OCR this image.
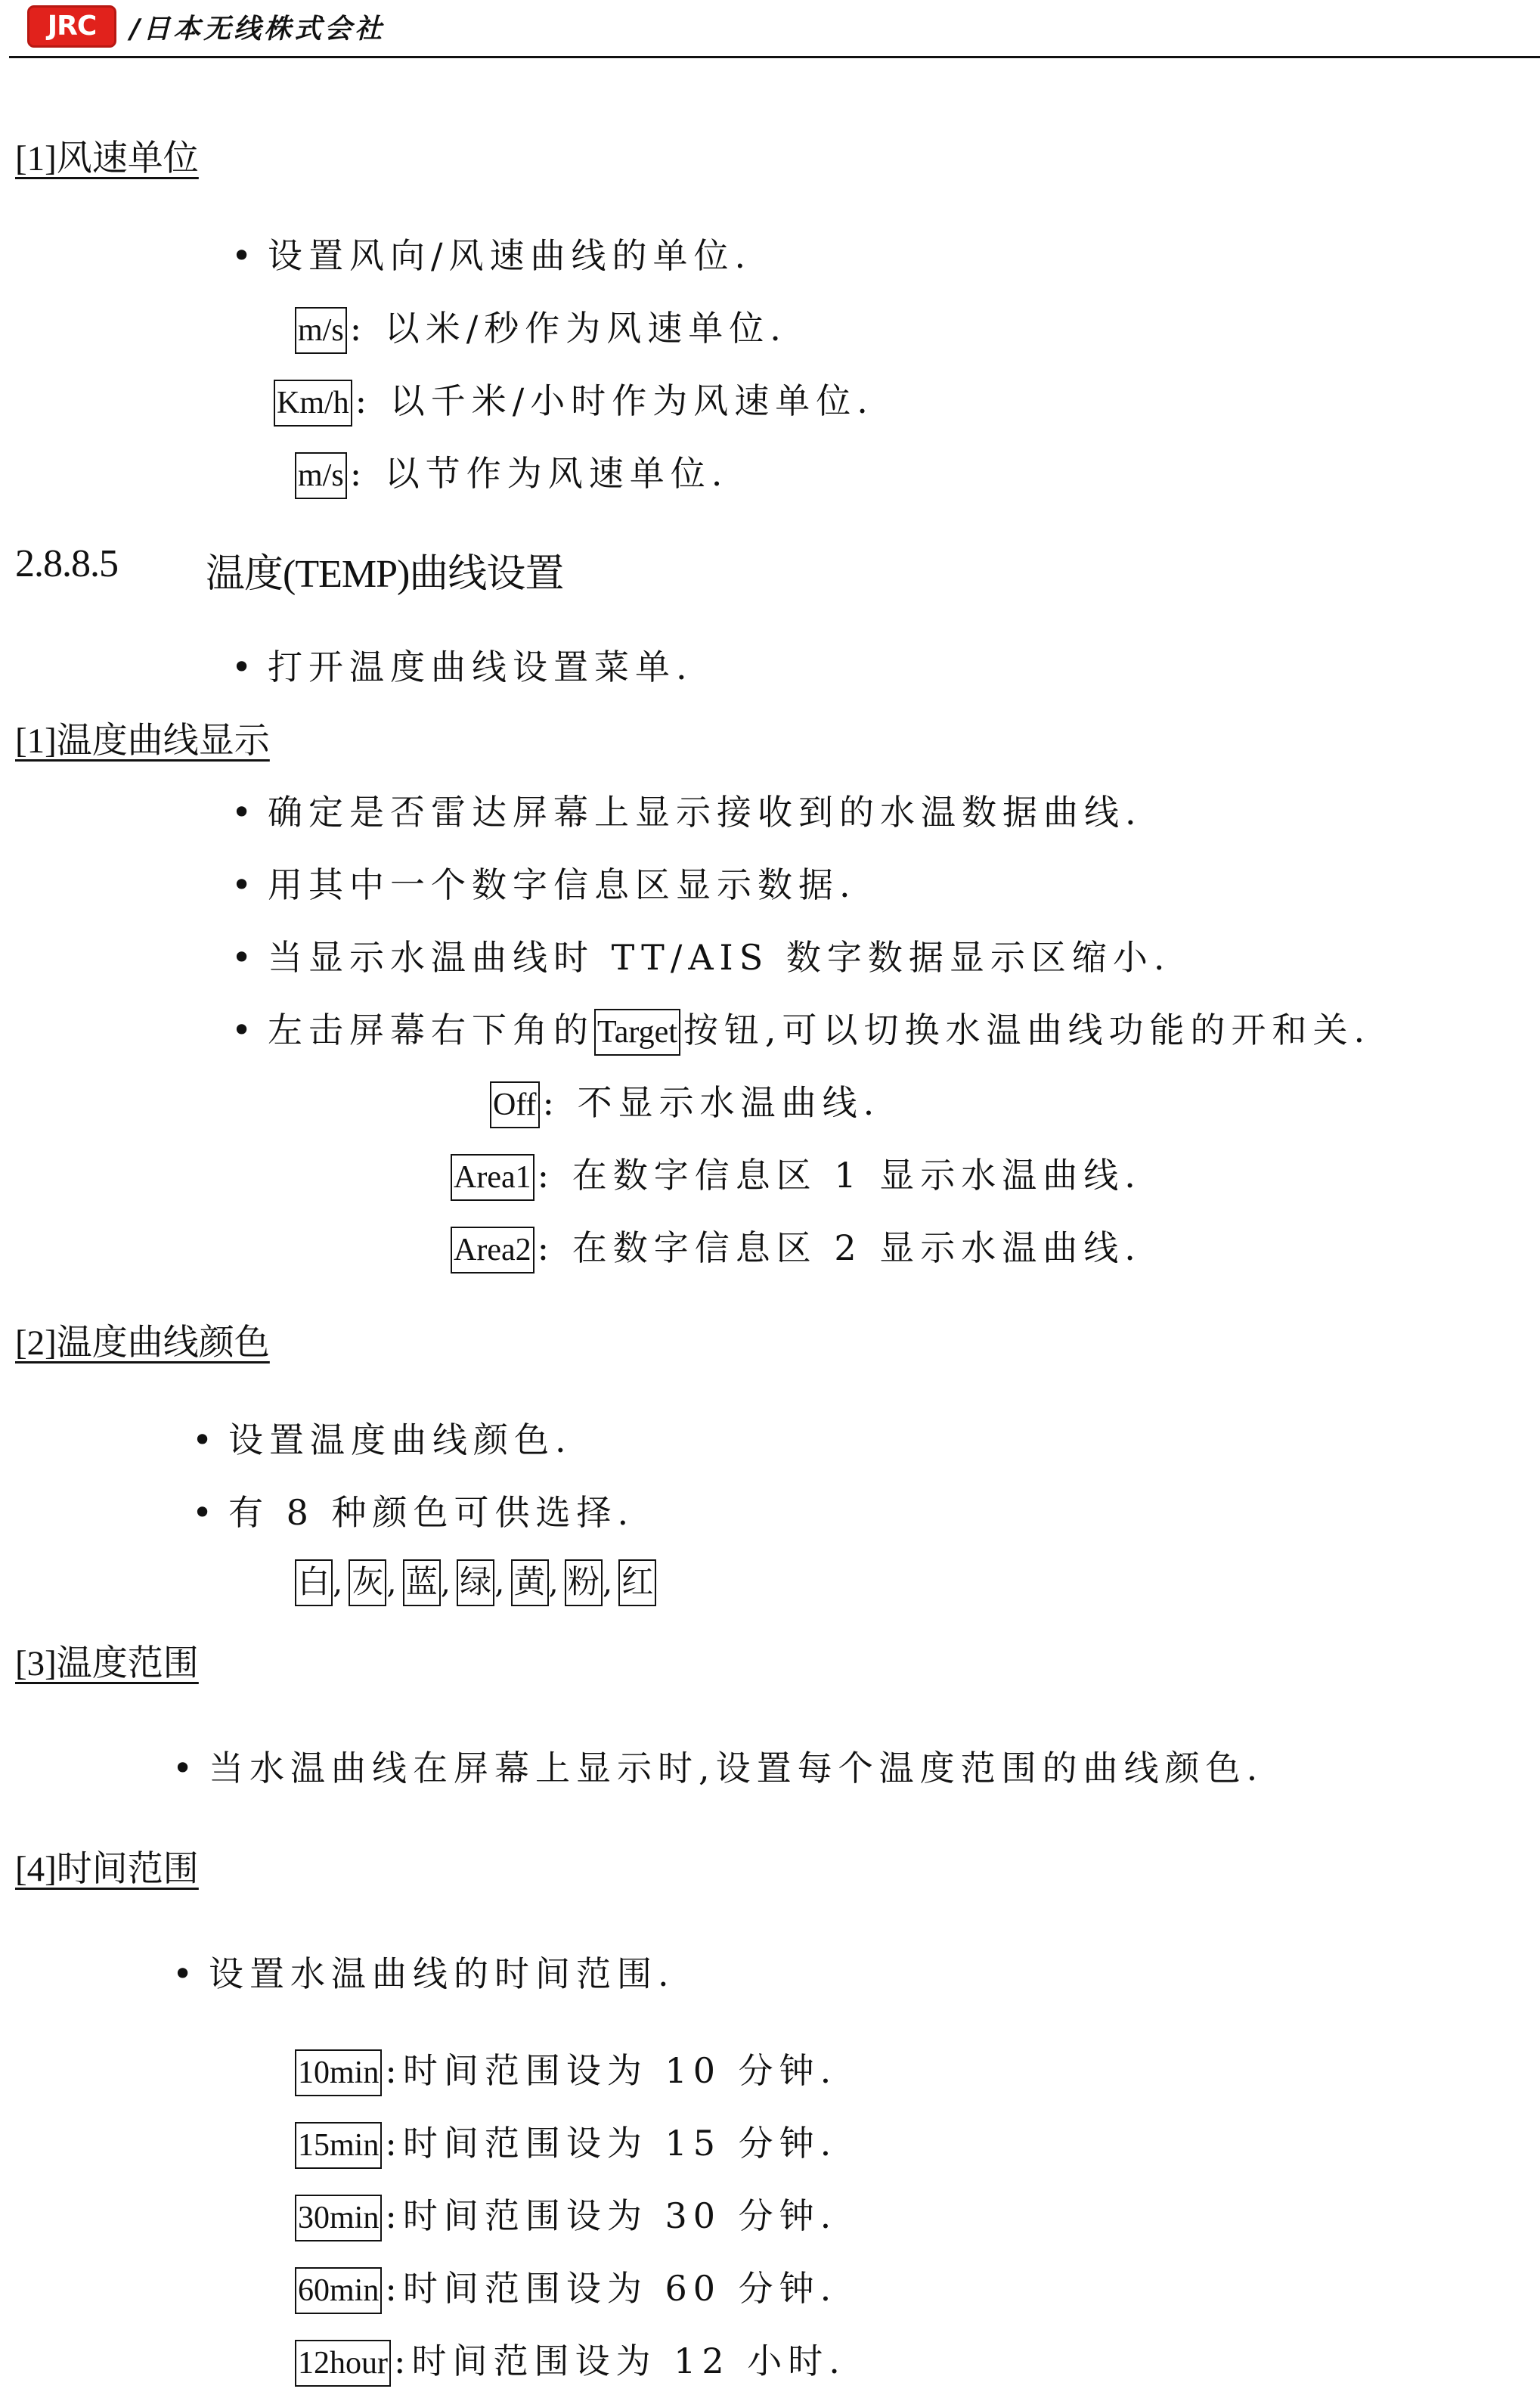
JRC	/日本无线株式会社
[1]风速单位
• 设置风向/风速曲线的单位.
m/s : 以米/秒作为风速单位.
Km/h : 以千米/小时作为风速单位.
m/s : 以节作为风速单位.
2.8.8.5 温度(TEMP)曲线设置
• 打开温度曲线设置菜单.
[1]温度曲线显示
• 确定是否雷达屏幕上显示接收到的水温数据曲线.
• 用其中一个数字信息区显示数据.
• 当显示水温曲线时 TT/AIS 数字数据显示区缩小.
• 左击屏幕右下角的Target 按钮,可以切换水温曲线功能的开和关.
Off : 不显示水温曲线.
Area1 : 在数字信息区 1 显示水温曲线.
Area2 : 在数字信息区 2 显示水温曲线.
[2]温度曲线颜色
• 设置温度曲线颜色.
• 有 8 种颜色可供选择.
白, 灰, 蓝, 绿, 黄, 粉, 红
[3]温度范围
• 当水温曲线在屏幕上显示时,设置每个温度范围的曲线颜色.
[4]时间范围
• 设置水温曲线的时间范围.
10min :时间范围设为 10 分钟.
15min :时间范围设为 15 分钟.
30min :时间范围设为 30 分钟.
60min :时间范围设为 60 分钟.
12hour :时间范围设为 12 小时.
